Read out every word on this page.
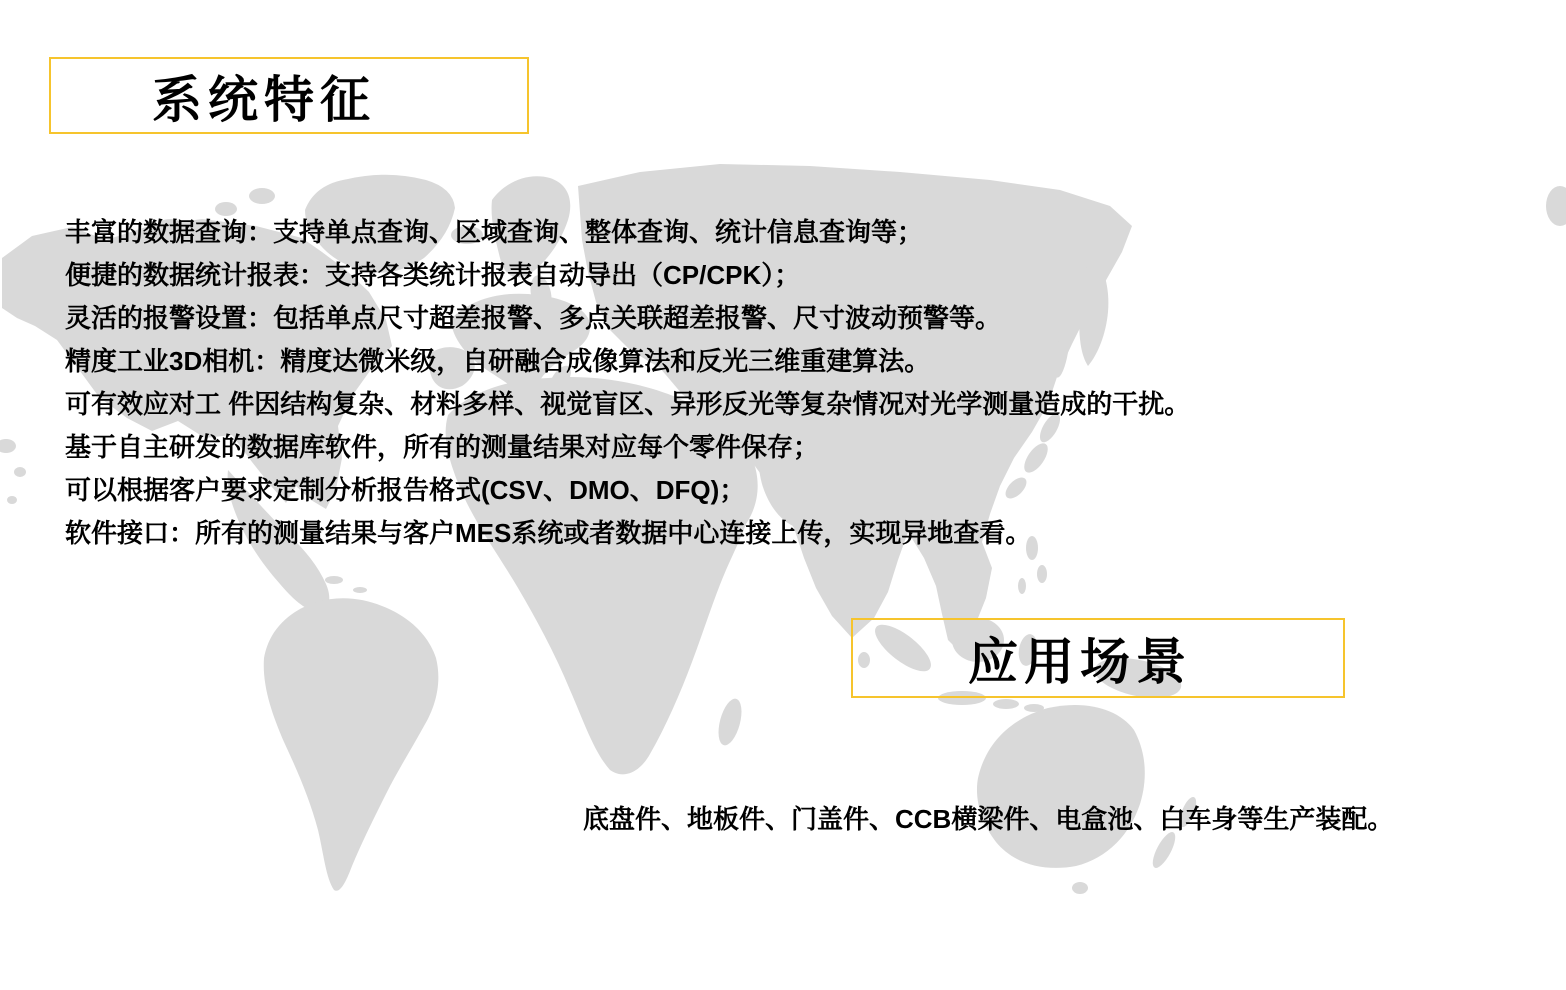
系统特征
丰富的数据查询：支持单点查询、区域查询、整体查询、统计信息查询等；
便捷的数据统计报表：支持各类统计报表自动导出（CP/CPK）；
灵活的报警设置：包括单点尺寸超差报警、多点关联超差报警、尺寸波动预警等。
精度工业3D相机：精度达微米级，自研融合成像算法和反光三维重建算法。
可有效应对工 件因结构复杂、材料多样、视觉盲区、异形反光等复杂情况对光学测量造成的干扰。
基于自主研发的数据库软件，所有的测量结果对应每个零件保存；
可以根据客户要求定制分析报告格式(CSV、DMO、DFQ)；
软件接口：所有的测量结果与客户MES系统或者数据中心连接上传，实现异地查看。
应用场景
底盘件、地板件、门盖件、CCB横梁件、电盒池、白车身等生产装配。
